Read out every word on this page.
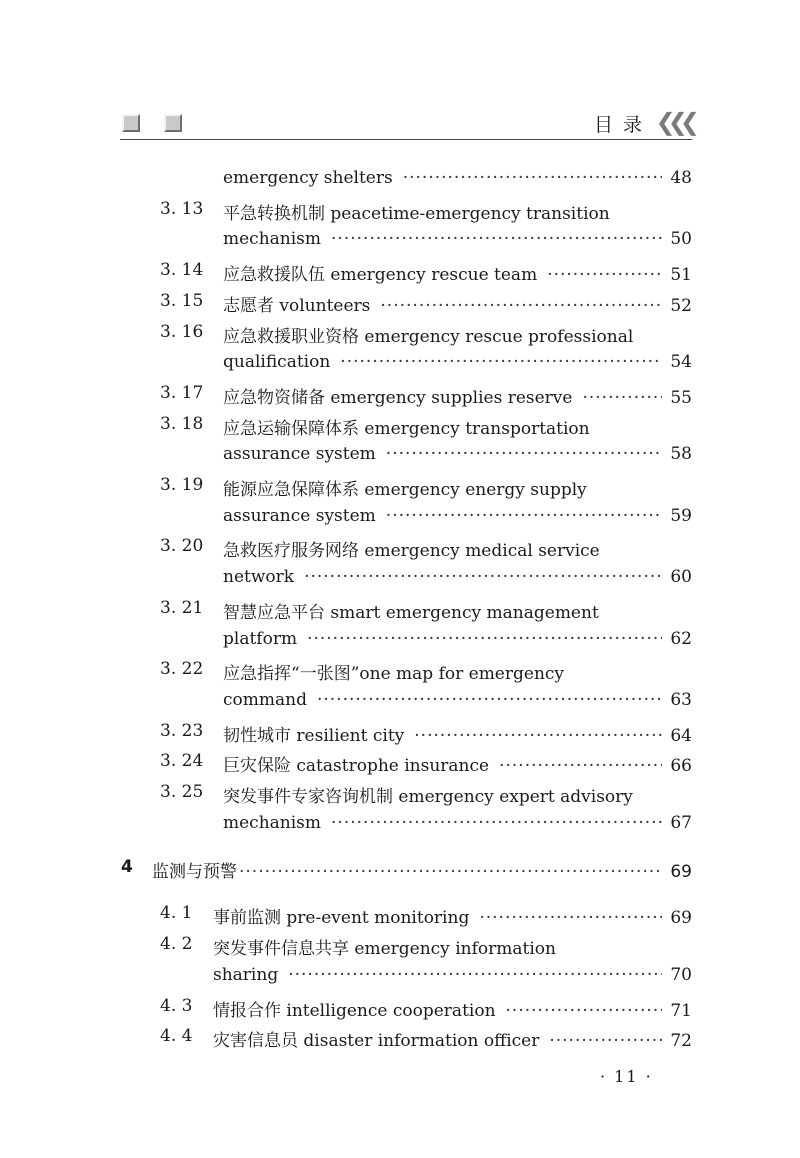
目 录 ❮❮❮
emergency shelters ·····	48
3. 13 平急转换机制 peacetime-emergency transition
mechanism ·····	50
3. 14 应急救援队伍 emergency rescue team ·····	51
3. 15 志愿者 volunteers ·····	52
3. 16 应急救援职业资格 emergency rescue professional
qualification ·····	54
3. 17 应急物资储备 emergency supplies reserve ·····	55
3. 18 应急运输保障体系 emergency transportation
assurance system ·····	58
3. 19 能源应急保障体系 emergency energy supply
assurance system ·····	59
3. 20 急救医疗服务网络 emergency medical service
network ·····	60
3. 21 智慧应急平台 smart emergency management
platform ·····	62
3. 22 应急指挥“一张图”one map for emergency
command ·····	63
3. 23 韧性城市 resilient city ·····	64
3. 24 巨灾保险 catastrophe insurance ·····	66
3. 25 突发事件专家咨询机制 emergency expert advisory
mechanism ·····	67
4 监测与预警 ·····	69
4. 1 事前监测 pre-event monitoring ·····	69
4. 2 突发事件信息共享 emergency information
sharing ·····	70
4. 3 情报合作 intelligence cooperation ·····	71
4. 4 灾害信息员 disaster information officer ·····	72
· 11 ·
